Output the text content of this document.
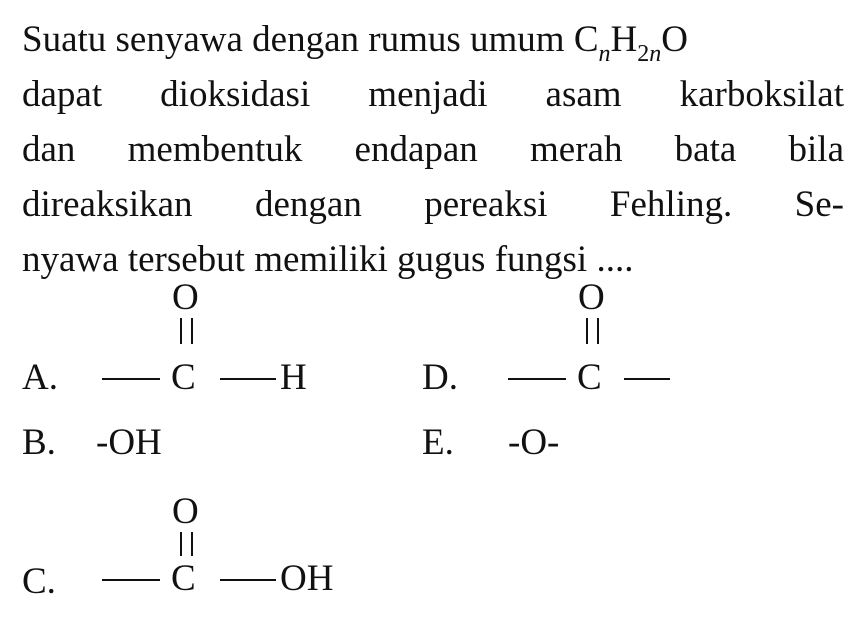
Suatu senyawa dengan rumus umum $C_nH_{2n}O$
dapat dioksidasi menjadi asam karboksilat
dan membentuk endapan merah bata bila
direaksikan dengan pereaksi Fehling. Se-
nyawa tersebut memiliki gugus fungsi ....
A.
O
C H	D.
O
C
B. -OH	E. -O-
C.
O
C OH
